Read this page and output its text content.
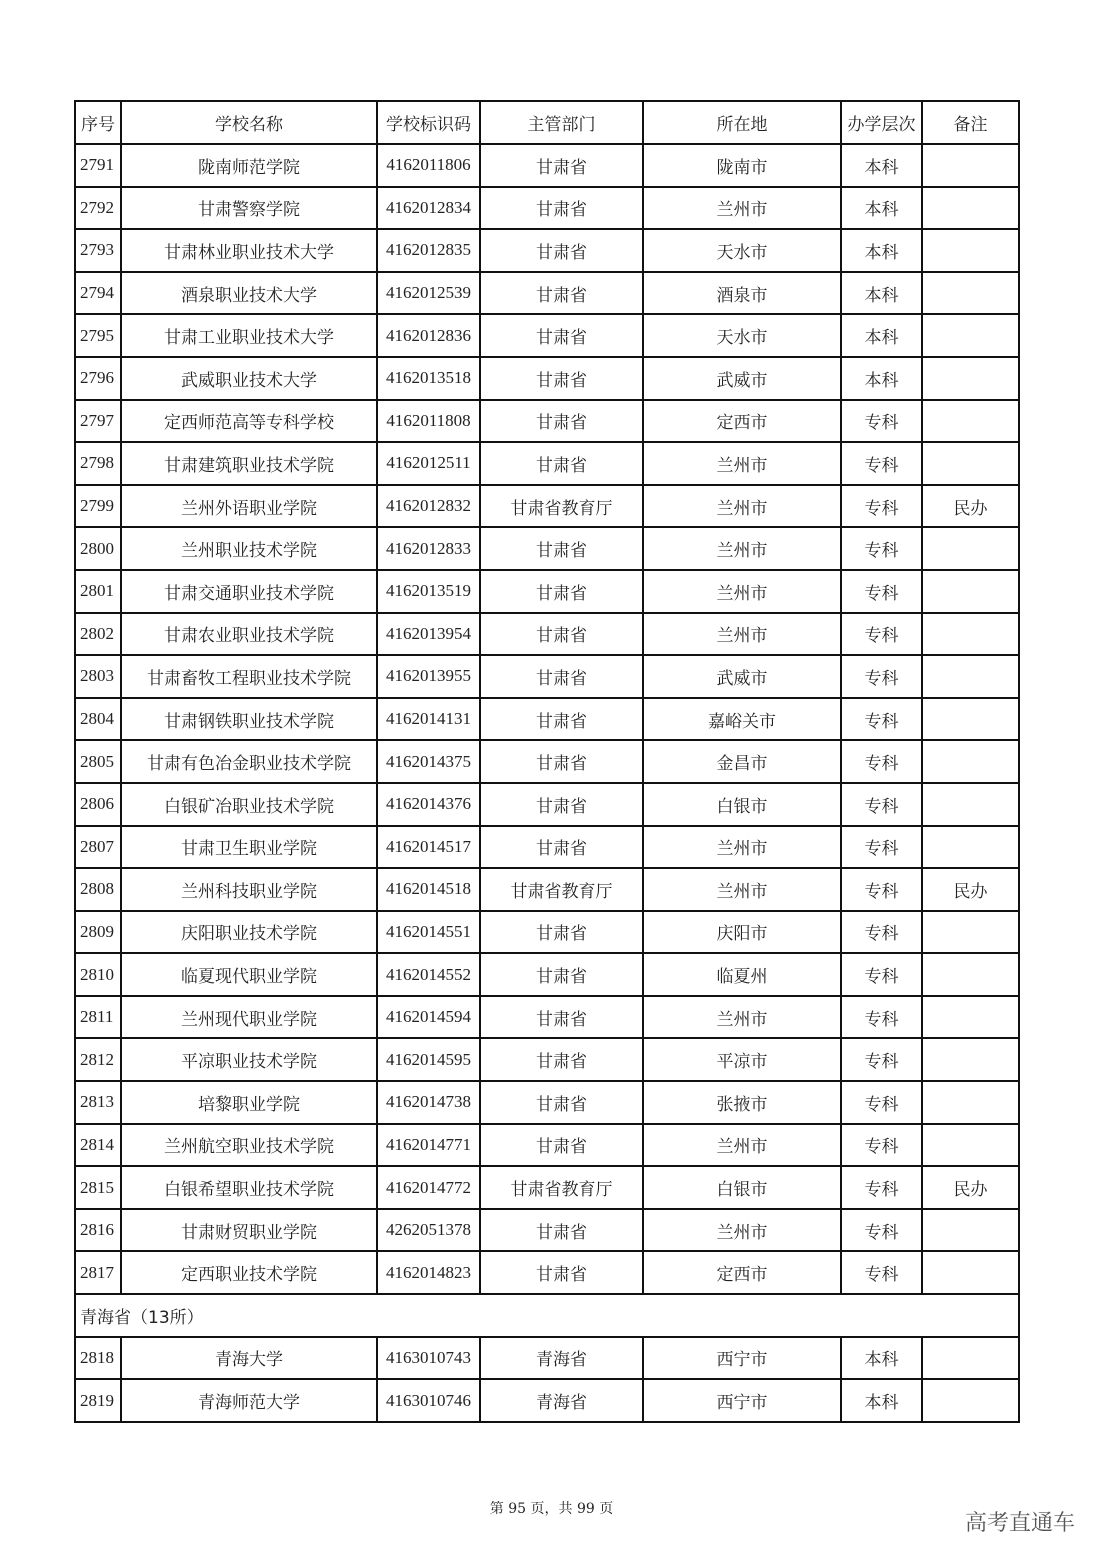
序号	学校名称	学校标识码	主管部门	所在地	办学层次	备注
2791	陇南师范学院	4162011806	甘肃省	陇南市	本科	
2792	甘肃警察学院	4162012834	甘肃省	兰州市	本科	
2793	甘肃林业职业技术大学	4162012835	甘肃省	天水市	本科	
2794	酒泉职业技术大学	4162012539	甘肃省	酒泉市	本科	
2795	甘肃工业职业技术大学	4162012836	甘肃省	天水市	本科	
2796	武威职业技术大学	4162013518	甘肃省	武威市	本科	
2797	定西师范高等专科学校	4162011808	甘肃省	定西市	专科	
2798	甘肃建筑职业技术学院	4162012511	甘肃省	兰州市	专科	
2799	兰州外语职业学院	4162012832	甘肃省教育厅	兰州市	专科	民办
2800	兰州职业技术学院	4162012833	甘肃省	兰州市	专科	
2801	甘肃交通职业技术学院	4162013519	甘肃省	兰州市	专科	
2802	甘肃农业职业技术学院	4162013954	甘肃省	兰州市	专科	
2803	甘肃畜牧工程职业技术学院	4162013955	甘肃省	武威市	专科	
2804	甘肃钢铁职业技术学院	4162014131	甘肃省	嘉峪关市	专科	
2805	甘肃有色冶金职业技术学院	4162014375	甘肃省	金昌市	专科	
2806	白银矿冶职业技术学院	4162014376	甘肃省	白银市	专科	
2807	甘肃卫生职业学院	4162014517	甘肃省	兰州市	专科	
2808	兰州科技职业学院	4162014518	甘肃省教育厅	兰州市	专科	民办
2809	庆阳职业技术学院	4162014551	甘肃省	庆阳市	专科	
2810	临夏现代职业学院	4162014552	甘肃省	临夏州	专科	
2811	兰州现代职业学院	4162014594	甘肃省	兰州市	专科	
2812	平凉职业技术学院	4162014595	甘肃省	平凉市	专科	
2813	培黎职业学院	4162014738	甘肃省	张掖市	专科	
2814	兰州航空职业技术学院	4162014771	甘肃省	兰州市	专科	
2815	白银希望职业技术学院	4162014772	甘肃省教育厅	白银市	专科	民办
2816	甘肃财贸职业学院	4262051378	甘肃省	兰州市	专科	
2817	定西职业技术学院	4162014823	甘肃省	定西市	专科	
青海省（13所）						
2818	青海大学	4163010743	青海省	西宁市	本科	
2819	青海师范大学	4163010746	青海省	西宁市	本科	
第 95 页，共 99 页
高考直通车
